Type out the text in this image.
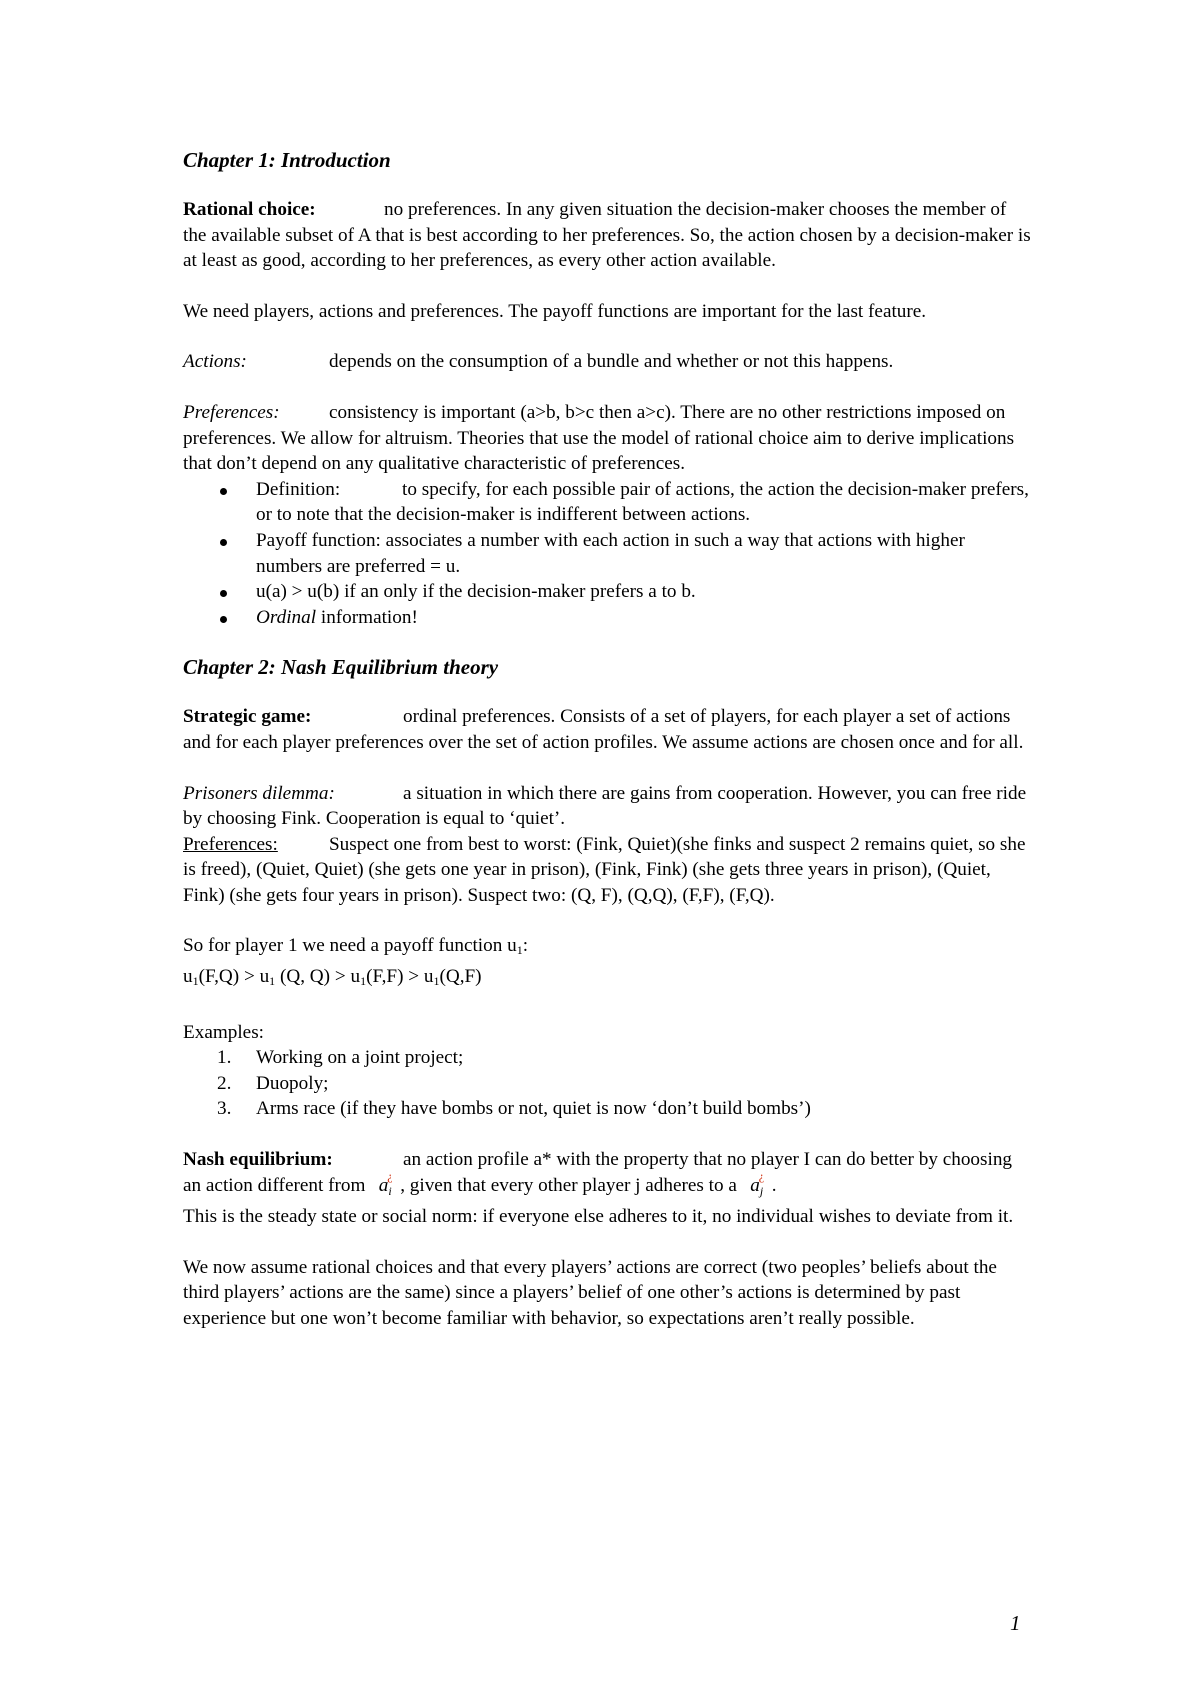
Chapter 1: Introduction

Rational choice:	no preferences. In any given situation the decision-maker chooses the member of the available subset of A that is best according to her preferences. So, the action chosen by a decision-maker is at least as good, according to her preferences, as every other action available.

We need players, actions and preferences. The payoff functions are important for the last feature.

Actions:	depends on the consumption of a bundle and whether or not this happens.

Preferences:	consistency is important (a>b, b>c then a>c). There are no other restrictions imposed on preferences. We allow for altruism. Theories that use the model of rational choice aim to derive implications that don’t depend on any qualitative characteristic of preferences.

Definition:	to specify, for each possible pair of actions, the action the decision-maker prefers, or to note that the decision-maker is indifferent between actions.
Payoff function: associates a number with each action in such a way that actions with higher numbers are preferred = u.
u(a) > u(b) if an only if the decision-maker prefers a to b.
Ordinal information!

Chapter 2: Nash Equilibrium theory

Strategic game:	ordinal preferences. Consists of a set of players, for each player a set of actions and for each player preferences over the set of action profiles. We assume actions are chosen once and for all.

Prisoners dilemma:	a situation in which there are gains from cooperation. However, you can free ride by choosing Fink. Cooperation is equal to ‘quiet’.

Preferences:	Suspect one from best to worst: (Fink, Quiet)(she finks and suspect 2 remains quiet, so she is freed), (Quiet, Quiet) (she gets one year in prison), (Fink, Fink) (she gets three years in prison), (Quiet, Fink) (she gets four years in prison). Suspect two: (Q, F), (Q,Q), (F,F), (F,Q).

So for player 1 we need a payoff function $u_1$:

$u_1(F,Q) > u_1$ (Q, $Q) > u_1(F,F) > u_1(Q,F)$

Examples:

1. Working on a joint project;
2. Duopoly;
3. Arms race (if they have bombs or not, quiet is now ‘don’t build bombs’)

Nash equilibrium:	an action profile a* with the property that no player I can do better by choosing an action different from $a_i$
¿ , given that every other player j adheres to a $a_j$
¿ .

This is the steady state or social norm: if everyone else adheres to it, no individual wishes to deviate from it.

We now assume rational choices and that every players’ actions are correct (two peoples’ beliefs about the third players’ actions are the same) since a players’ belief of one other’s actions is determined by past experience but one won’t become familiar with behavior, so expectations aren’t really possible.

1
